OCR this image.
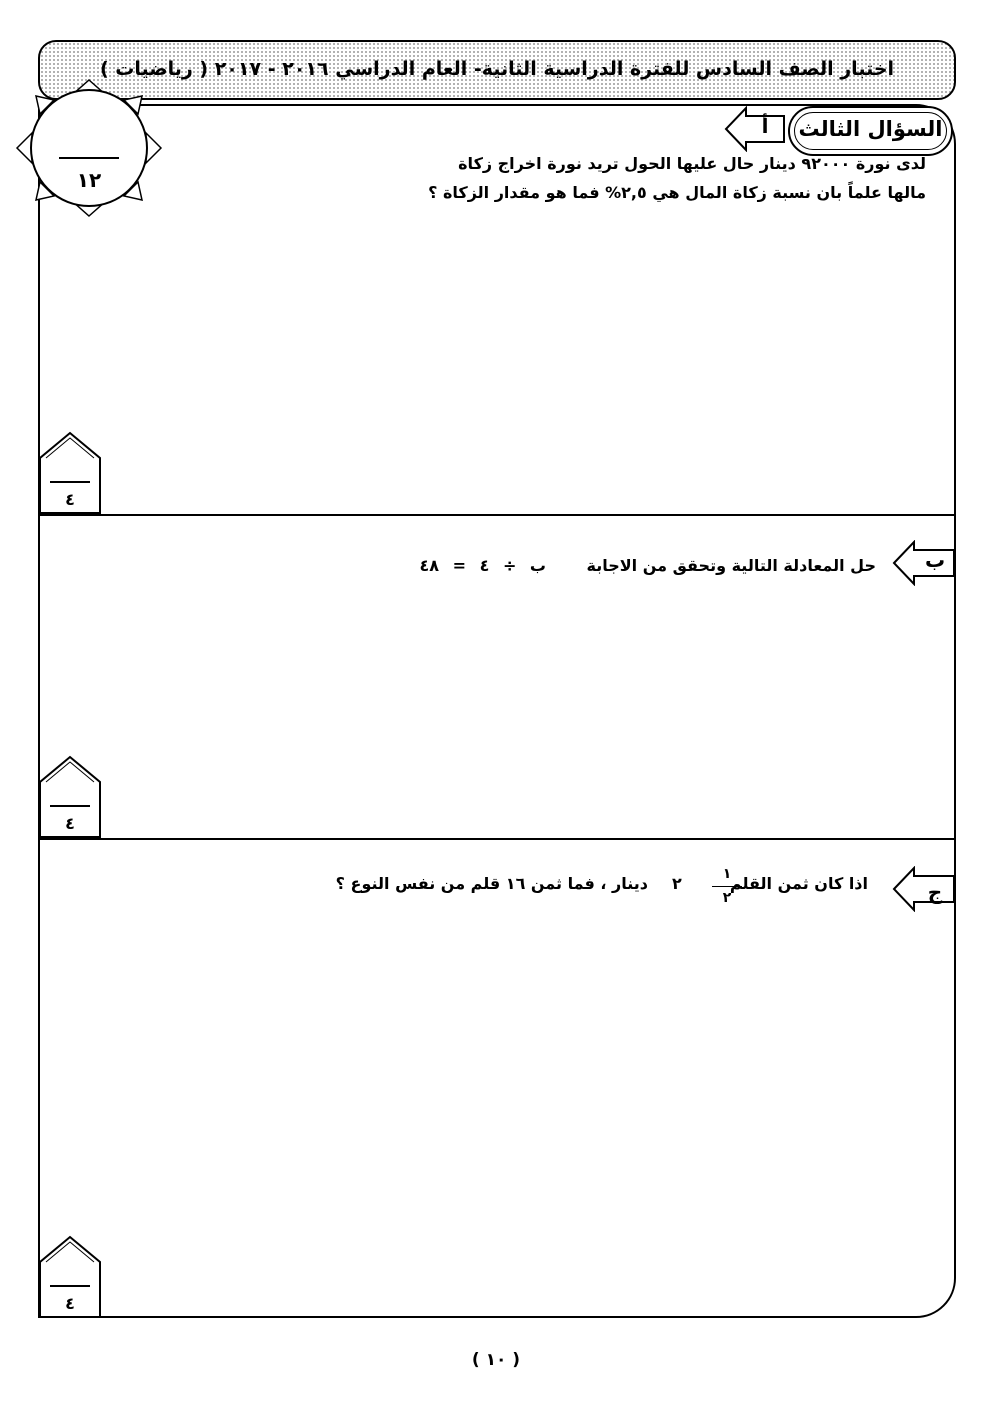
اختبار الصف السادس للفترة الدراسية الثانية- العام الدراسي ٢٠١٦ - ٢٠١٧ ( رياضيات )
١٢
السؤال الثالث
أ
لدى نورة ٩٢٠٠٠ دينار حال عليها الحول تريد نورة اخراج زكاة
مالها علماً بان نسبة زكاة المال هي ٢,٥% فما هو مقدار الزكاة ؟
٤
ب
حل المعادلة التالية وتحقق من الاجابة
ب ÷ ٤ = ٤٨
٤
ج
اذا كان ثمن القلم
١
٢
٢
دينار ، فما ثمن ١٦ قلم من نفس النوع ؟
٤
( ١٠ )
